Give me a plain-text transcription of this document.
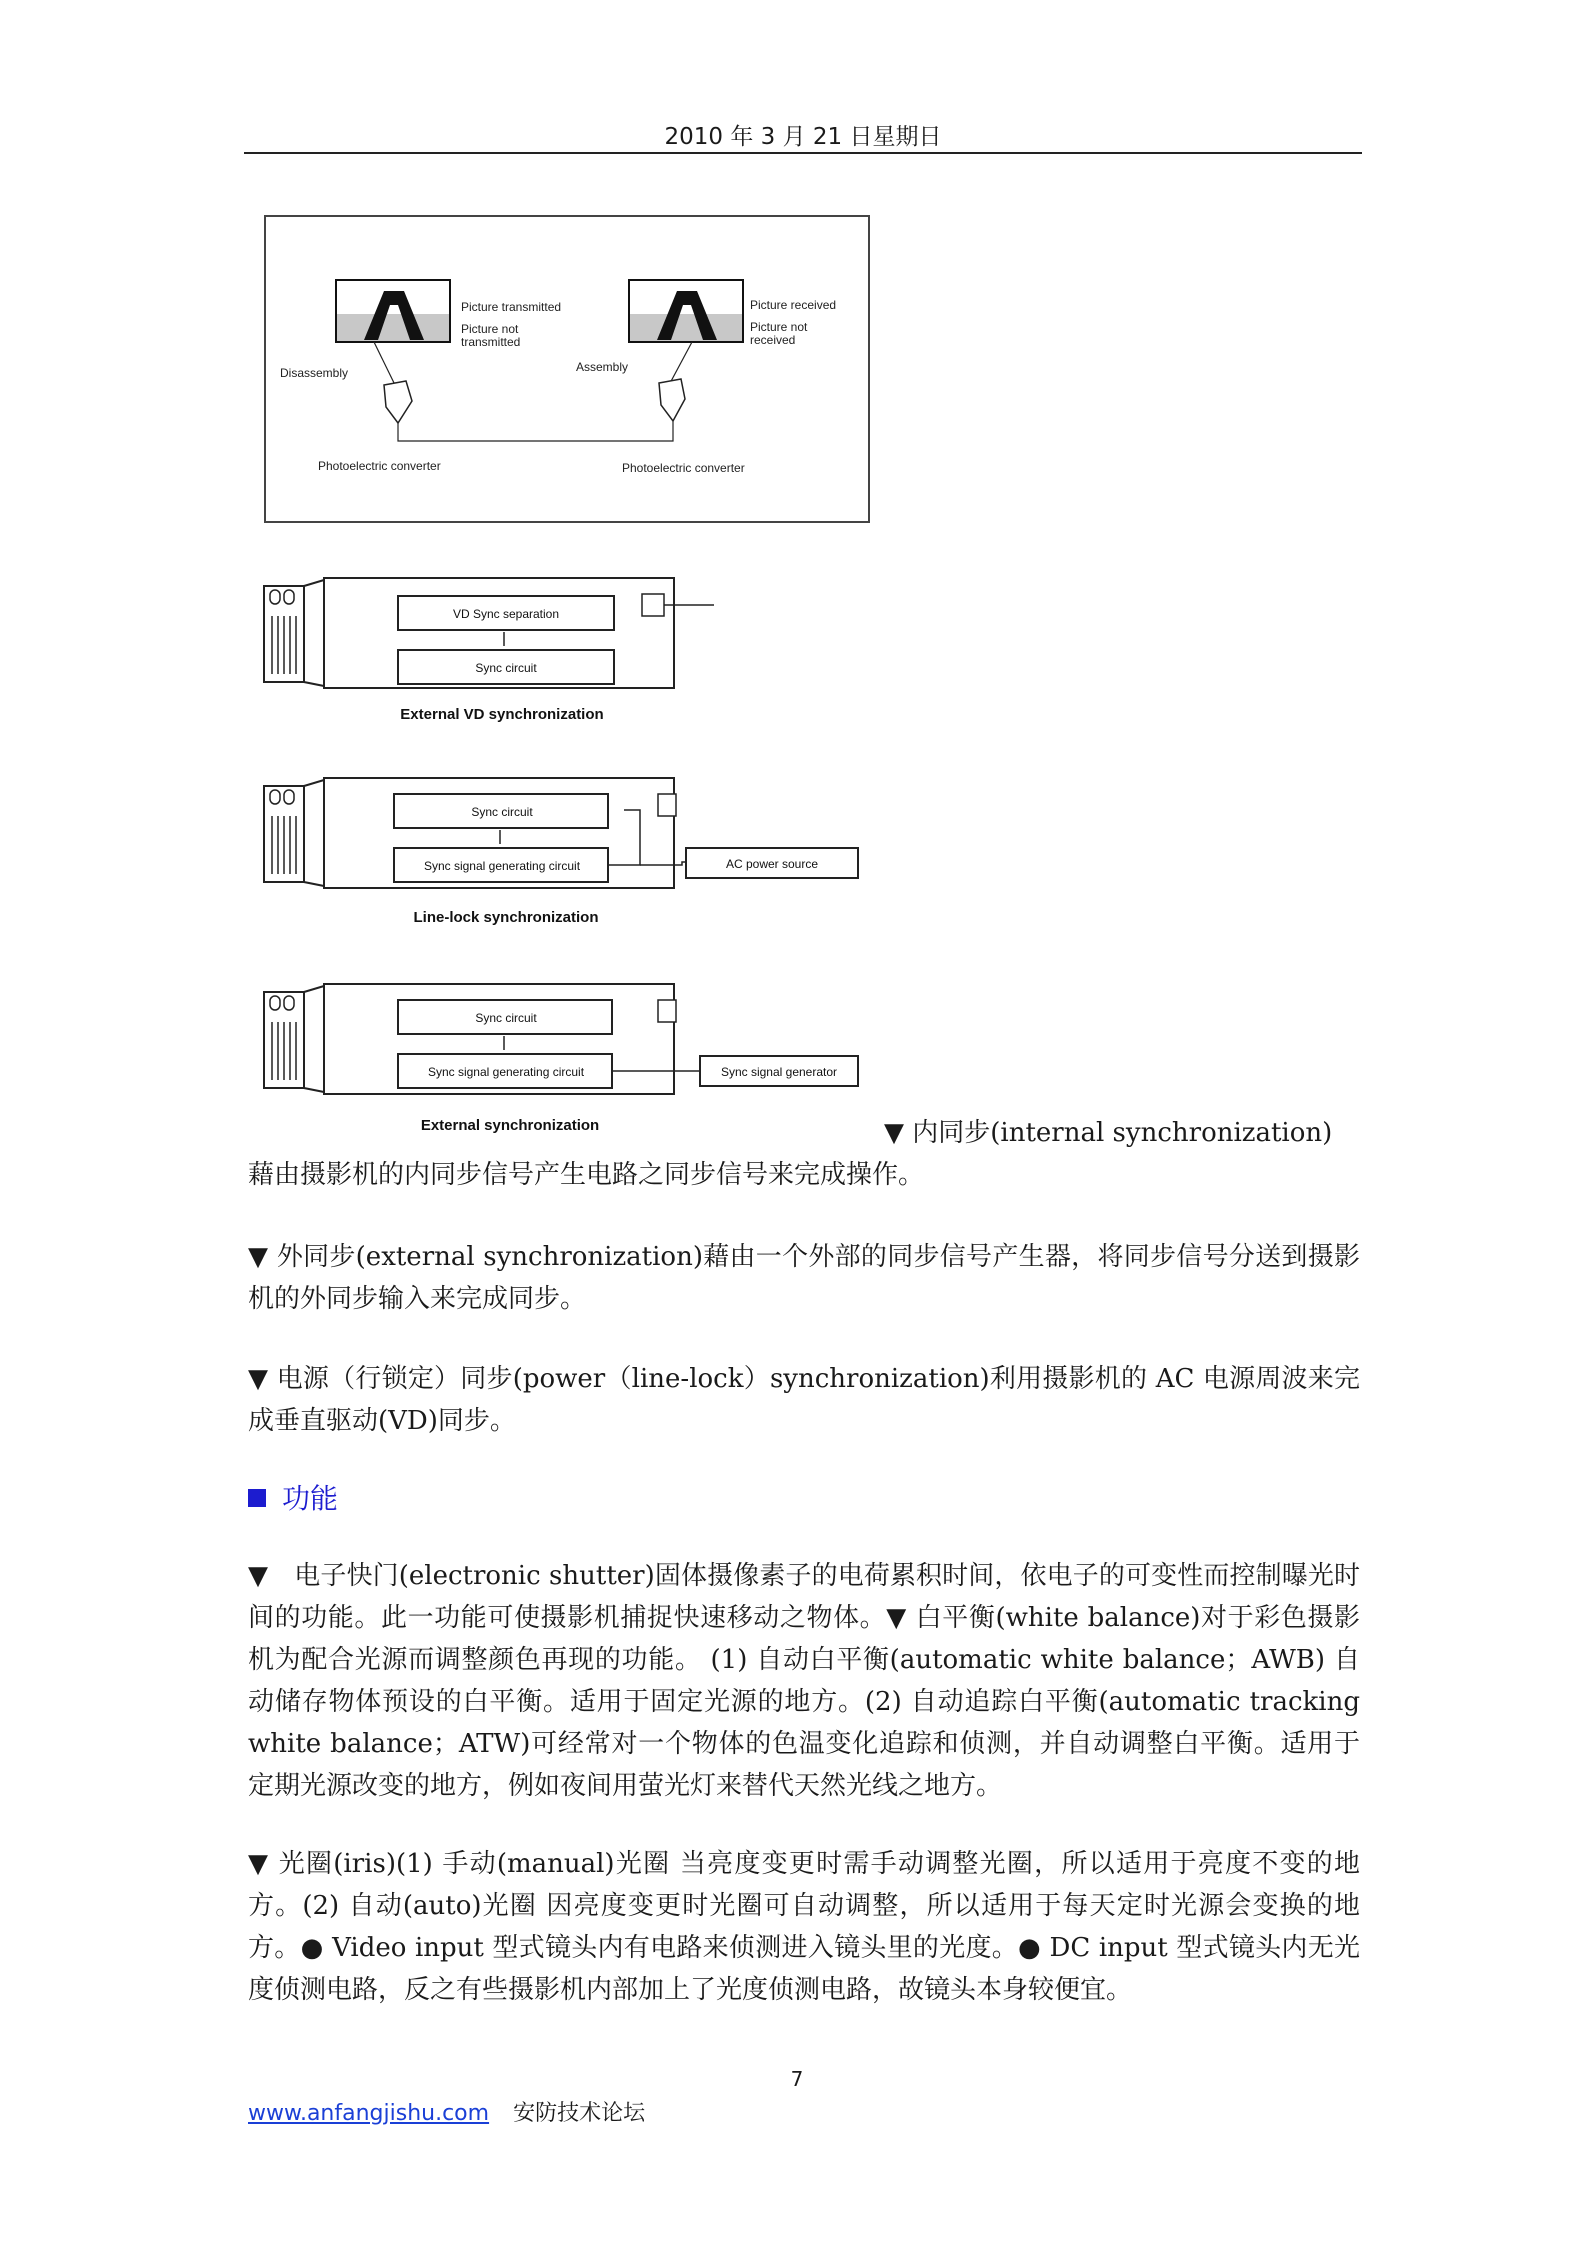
2010 年 3 月 21 日星期日
Picture transmitted
Picture not
transmitted
Picture received
Picture not
received
Disassembly	Assembly
Photoelectric converter	Photoelectric converter
VD Sync separation
Sync circuit
External VD synchronization
Sync circuit
Sync signal generating circuit	AC power source
Line-lock synchronization
Sync circuit
Sync signal generating circuit	Sync signal generator
External synchronization	▼ 内同步(internal synchronization)

藉由摄影机的内同步信号产生电路之同步信号来完成操作。

▼ 外同步(external synchronization)藉由一个外部的同步信号产生器，将同步信号分送到摄影机的外同步输入来完成同步。

▼ 电源（行锁定）同步(power（line-lock）synchronization)利用摄影机的 AC 电源周波来完成垂直驱动(VD)同步。

功能

▼　电子快门(electronic shutter)固体摄像素子的电荷累积时间，依电子的可变性而控制曝光时间的功能。此一功能可使摄影机捕捉快速移动之物体。▼ 白平衡(white balance)对于彩色摄影机为配合光源而调整颜色再现的功能。 (1) 自动白平衡(automatic white balance；AWB) 自动储存物体预设的白平衡。适用于固定光源的地方。(2) 自动追踪白平衡(automatic tracking white balance；ATW)可经常对一个物体的色温变化追踪和侦测，并自动调整白平衡。适用于定期光源改变的地方，例如夜间用萤光灯来替代天然光线之地方。

▼ 光圈(iris)(1) 手动(manual)光圈 当亮度变更时需手动调整光圈，所以适用于亮度不变的地方。(2) 自动(auto)光圈 因亮度变更时光圈可自动调整，所以适用于每天定时光源会变换的地方。● Video input 型式镜头内有电路来侦测进入镜头里的光度。● DC input 型式镜头内无光度侦测电路，反之有些摄影机内部加上了光度侦测电路，故镜头本身较便宜。

7
www.anfangjishu.com 安防技术论坛
